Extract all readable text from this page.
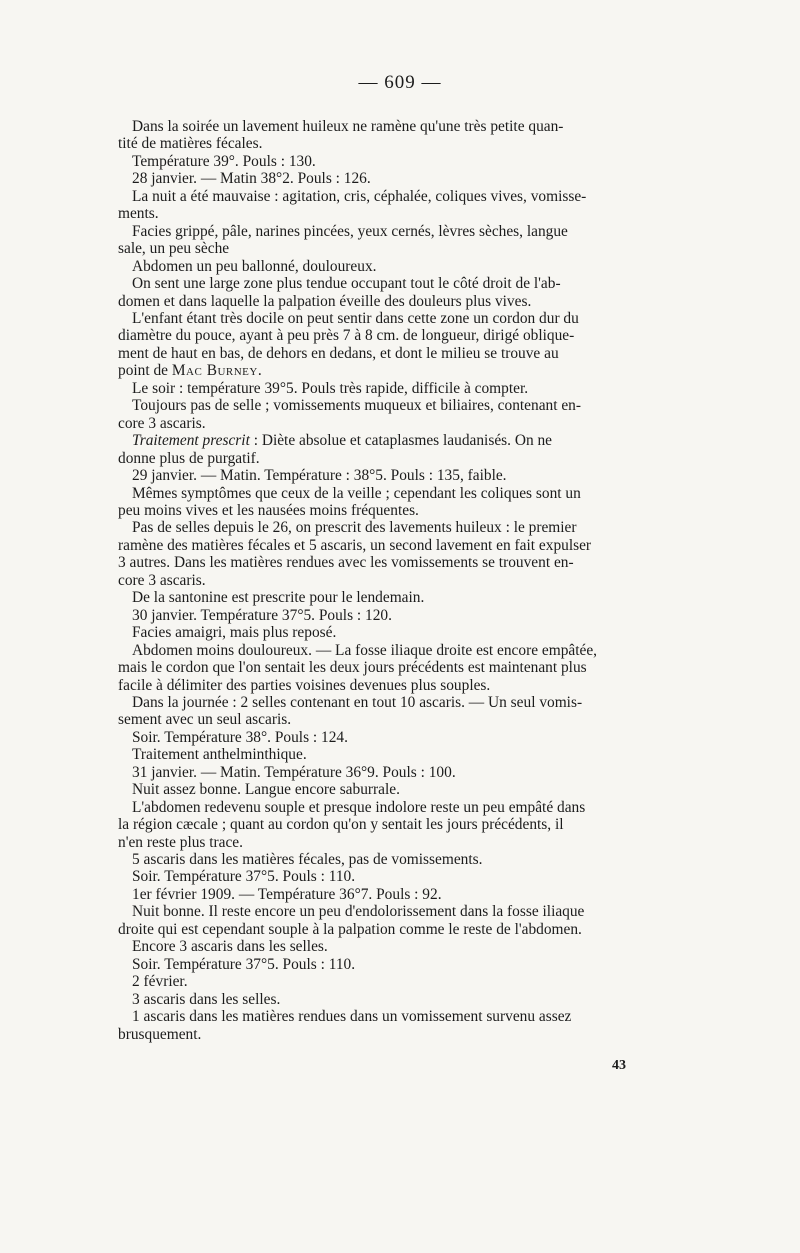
— 609 —

Dans la soirée un lavement huileux ne ramène qu'une très petite quan-
tité de matières fécales.

Température 39°. Pouls : 130.

28 janvier. — Matin 38°2. Pouls : 126.

La nuit a été mauvaise : agitation, cris, céphalée, coliques vives, vomisse-
ments.

Facies grippé, pâle, narines pincées, yeux cernés, lèvres sèches, langue
sale, un peu sèche

Abdomen un peu ballonné, douloureux.

On sent une large zone plus tendue occupant tout le côté droit de l'ab-
domen et dans laquelle la palpation éveille des douleurs plus vives.

L'enfant étant très docile on peut sentir dans cette zone un cordon dur du
diamètre du pouce, ayant à peu près 7 à 8 cm. de longueur, dirigé oblique-
ment de haut en bas, de dehors en dedans, et dont le milieu se trouve au
point de Mac Burney.

Le soir : température 39°5. Pouls très rapide, difficile à compter.

Toujours pas de selle ; vomissements muqueux et biliaires, contenant en-
core 3 ascaris.

Traitement prescrit : Diète absolue et cataplasmes laudanisés. On ne
donne plus de purgatif.

29 janvier. — Matin. Température : 38°5. Pouls : 135, faible.

Mêmes symptômes que ceux de la veille ; cependant les coliques sont un
peu moins vives et les nausées moins fréquentes.

Pas de selles depuis le 26, on prescrit des lavements huileux : le premier
ramène des matières fécales et 5 ascaris, un second lavement en fait expulser
3 autres. Dans les matières rendues avec les vomissements se trouvent en-
core 3 ascaris.

De la santonine est prescrite pour le lendemain.

30 janvier. Température 37°5. Pouls : 120.

Facies amaigri, mais plus reposé.

Abdomen moins douloureux. — La fosse iliaque droite est encore empâtée,
mais le cordon que l'on sentait les deux jours précédents est maintenant plus
facile à délimiter des parties voisines devenues plus souples.

Dans la journée : 2 selles contenant en tout 10 ascaris. — Un seul vomis-
sement avec un seul ascaris.

Soir. Température 38°. Pouls : 124.

Traitement anthelminthique.

31 janvier. — Matin. Température 36°9. Pouls : 100.

Nuit assez bonne. Langue encore saburrale.

L'abdomen redevenu souple et presque indolore reste un peu empâté dans
la région cæcale ; quant au cordon qu'on y sentait les jours précédents, il
n'en reste plus trace.

5 ascaris dans les matières fécales, pas de vomissements.

Soir. Température 37°5. Pouls : 110.

1er février 1909. — Température 36°7. Pouls : 92.

Nuit bonne. Il reste encore un peu d'endolorissement dans la fosse iliaque
droite qui est cependant souple à la palpation comme le reste de l'abdomen.

Encore 3 ascaris dans les selles.

Soir. Température 37°5. Pouls : 110.

2 février.

3 ascaris dans les selles.

1 ascaris dans les matières rendues dans un vomissement survenu assez
brusquement.

43
